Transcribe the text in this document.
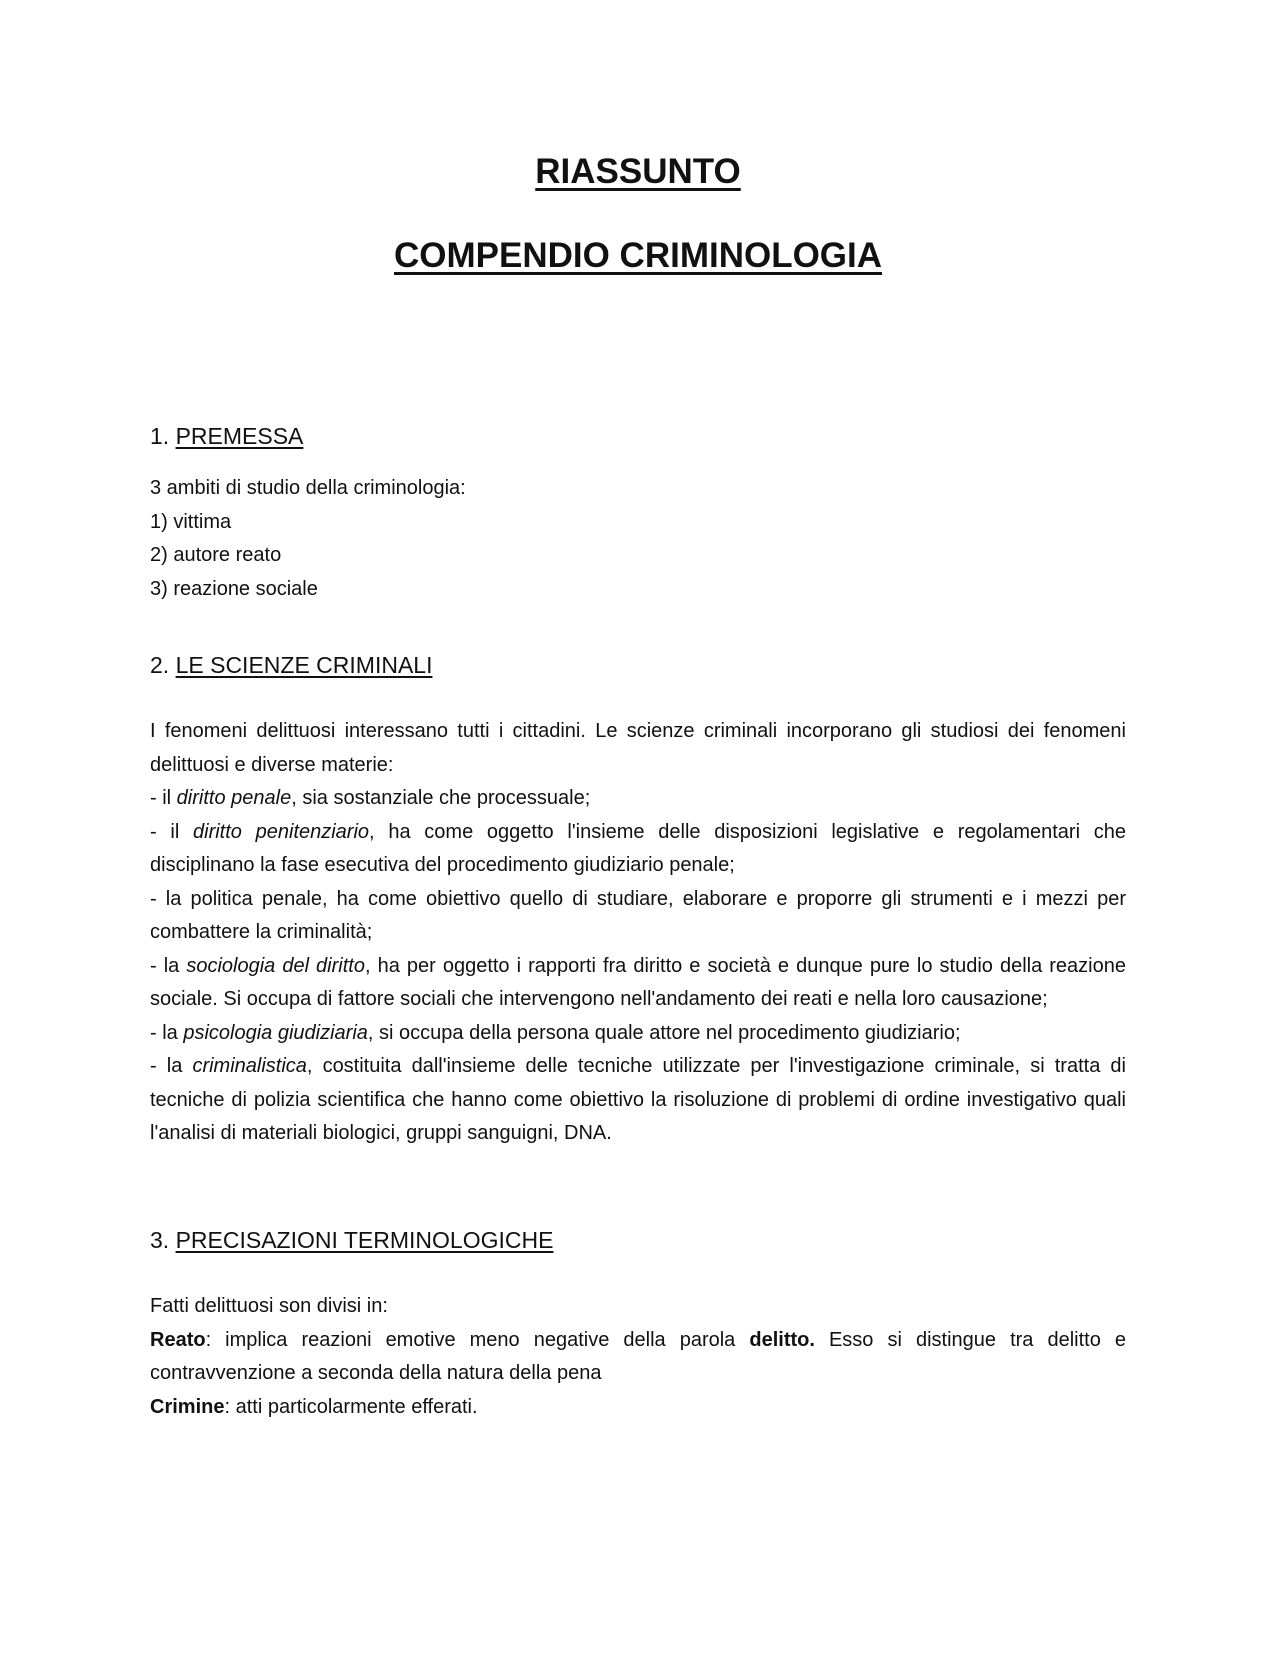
RIASSUNTO
COMPENDIO CRIMINOLOGIA

1. PREMESSA

3 ambiti di studio della criminologia:

1) vittima

2) autore reato

3) reazione sociale

2. LE SCIENZE CRIMINALI

I fenomeni delittuosi interessano tutti i cittadini. Le scienze criminali incorporano gli studiosi dei fenomeni delittuosi e diverse materie:

- il diritto penale, sia sostanziale che processuale;

- il diritto penitenziario, ha come oggetto l'insieme delle disposizioni legislative e regolamentari che disciplinano la fase esecutiva del procedimento giudiziario penale;

- la politica penale, ha come obiettivo quello di studiare, elaborare e proporre gli strumenti e i mezzi per combattere la criminalità;

- la sociologia del diritto, ha per oggetto i rapporti fra diritto e società e dunque pure lo studio della reazione sociale. Si occupa di fattore sociali che intervengono nell'andamento dei reati e nella loro causazione;

- la psicologia giudiziaria, si occupa della persona quale attore nel procedimento giudiziario;

- la criminalistica, costituita dall'insieme delle tecniche utilizzate per l'investigazione criminale, si tratta di tecniche di polizia scientifica che hanno come obiettivo la risoluzione di problemi di ordine investigativo quali l'analisi di materiali biologici, gruppi sanguigni, DNA.

3. PRECISAZIONI TERMINOLOGICHE

Fatti delittuosi son divisi in:

Reato: implica reazioni emotive meno negative della parola delitto. Esso si distingue tra delitto e contravvenzione a seconda della natura della pena

Crimine: atti particolarmente efferati.
